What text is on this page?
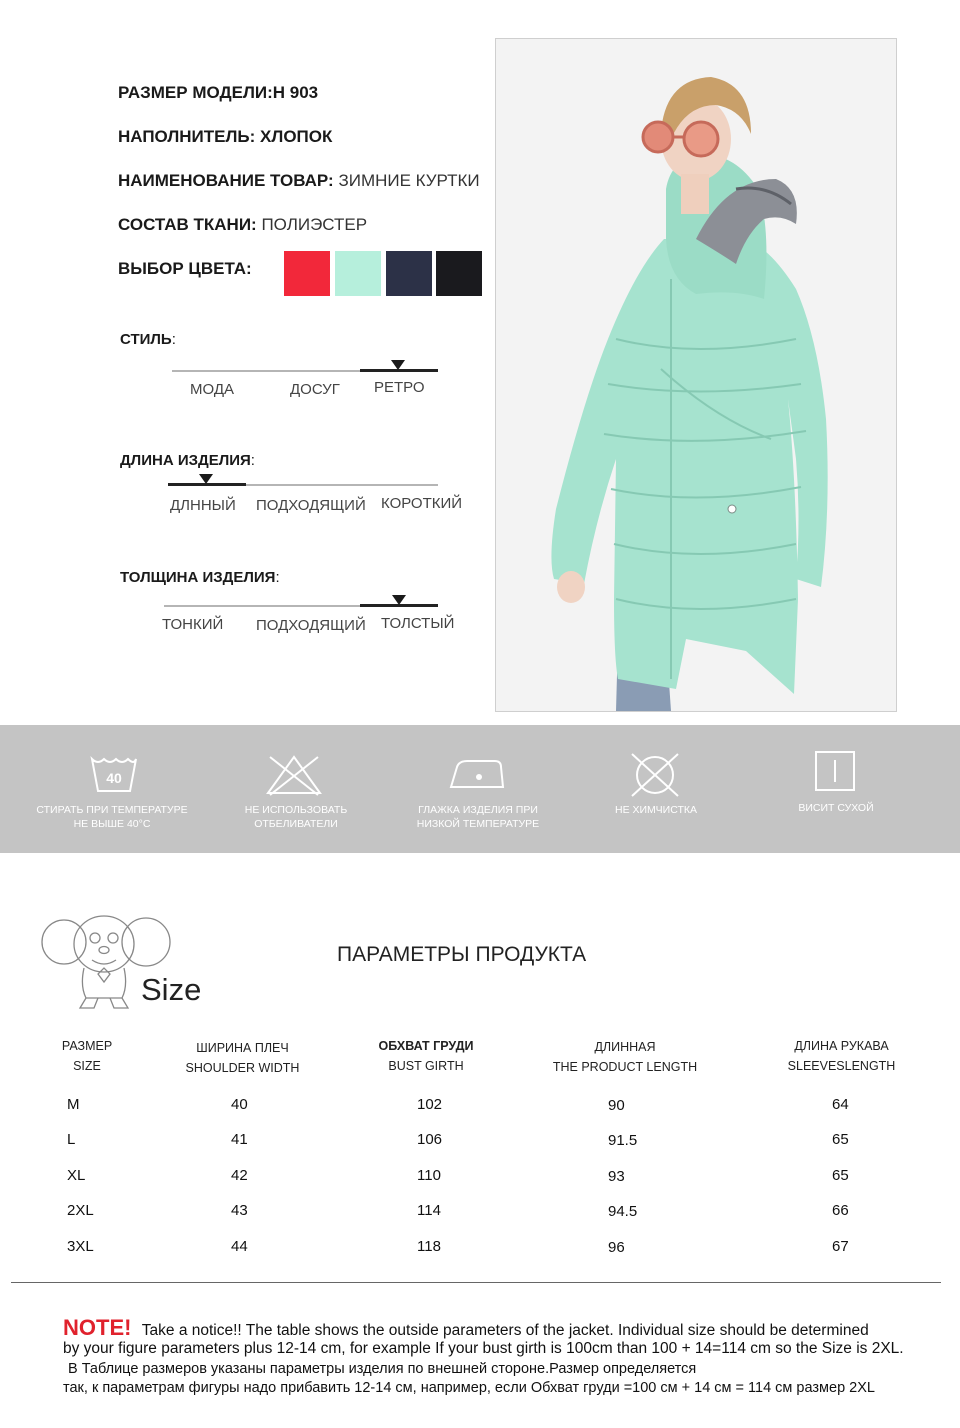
РАЗМЕР МОДЕЛИ:Н 903
НАПОЛНИТЕЛЬ: ХЛОПОК
НАИМЕНОВАНИЕ ТОВАР: ЗИМНИЕ КУРТКИ
СОСТАВ ТКАНИ: ПОЛИЭСТЕР
ВЫБОР ЦВЕТА:
СТИЛЬ:
МОДА	ДОСУГ РЕТРО
ДЛИНА ИЗДЕЛИЯ:
ДЛННЫЙ ПОДХОДЯЩИЙ КОРОТКИЙ
ТОЛЩИНА ИЗДЕЛИЯ:
ТОНКИЙ ПОДХОДЯЩИЙ ТОЛСТЫЙ
40
СТИРАТЬ ПРИ ТЕМПЕРАТУРЕ
НЕ ВЫШЕ 40°C
НЕ ИСПОЛЬЗОВАТЬ
ОТБЕЛИВАТЕЛИ
ГЛАЖКА ИЗДЕЛИЯ ПРИ
НИЗКОЙ ТЕМПЕРАТУРЕ
НЕ ХИМЧИСТКА	ВИСИТ СУХОЙ
Size
ПАРАМЕТРЫ ПРОДУКТА
РАЗМЕР
SIZE
ШИРИНА ПЛЕЧ
SHOULDER WIDTH
ОБХВАТ ГРУДИ
BUST GIRTH
ДЛИННАЯ
THE PRODUCT LENGTH
ДЛИНА РУКАВА
SLEEVESLENGTH
M	40	102	90	64
L	41	106	91.5	65
XL	42	110	93	65
2XL	43	114	94.5	66
3XL	44	118	96	67
NOTE! Take a notice!! The table shows the outside parameters of the jacket. Individual size should be determined
by your figure parameters plus 12-14 cm, for example If your bust girth is 100cm than 100 + 14=114 cm so the Size is 2XL.
В Таблице размеров указаны параметры изделия по внешней стороне.Размер определяется
так, к параметрам фигуры надо прибавить 12-14 см, например, если Обхват груди =100 см + 14 см = 114 см размер 2XL
